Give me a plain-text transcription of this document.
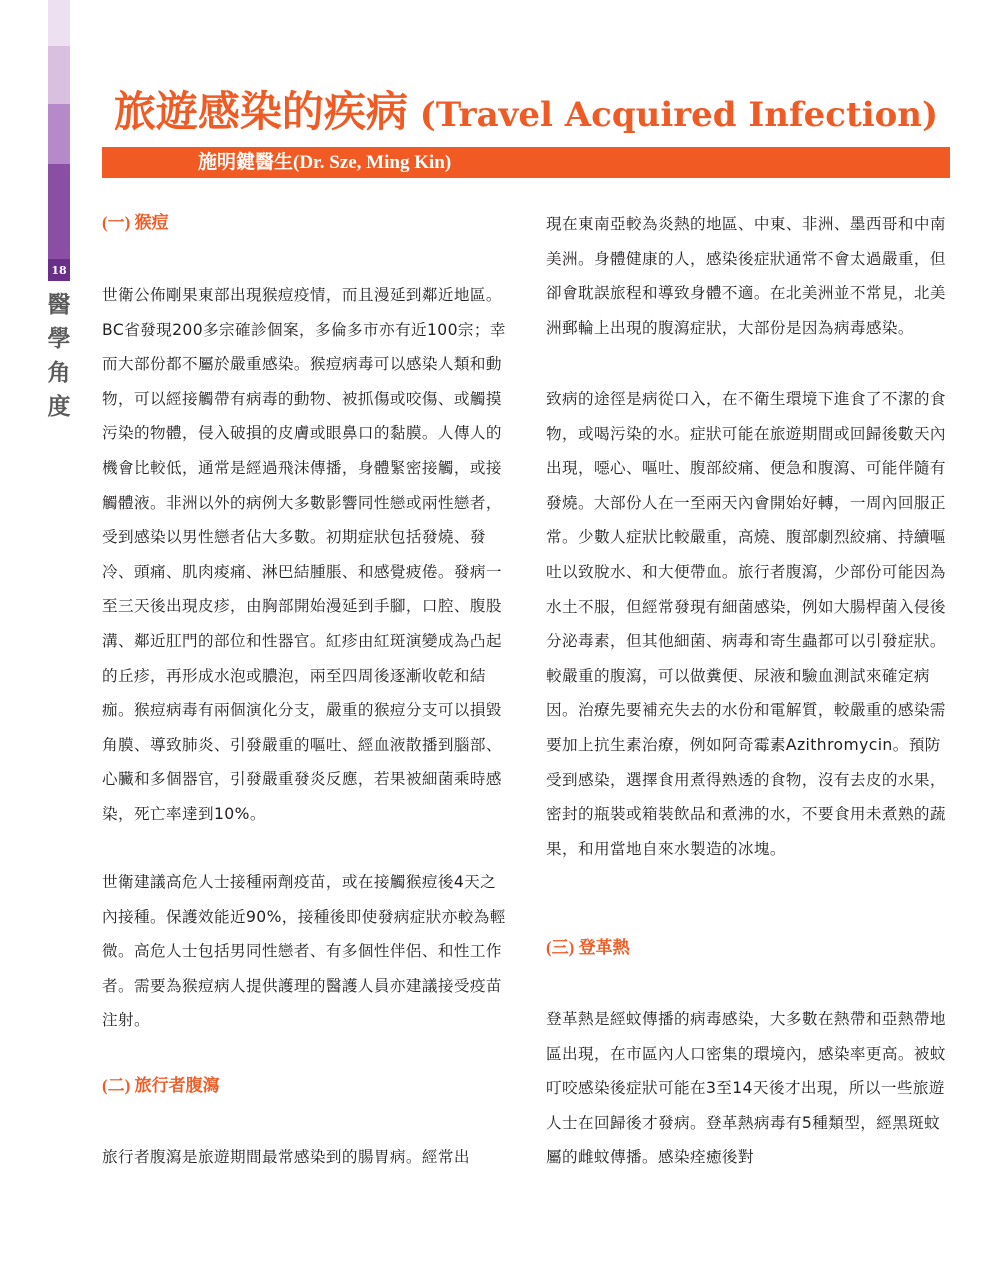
18
醫學角度
旅遊感染的疾病 (Travel Acquired Infection)
施明鍵醫生(Dr. Sze, Ming Kin)
(一) 猴痘

世衛公佈剛果東部出現猴痘疫情，而且漫延到鄰近地區。BC省發現200多宗確診個案，多倫多市亦有近100宗；幸而大部份都不屬於嚴重感染。猴痘病毒可以感染人類和動物，可以經接觸帶有病毒的動物、被抓傷或咬傷、或觸摸污染的物體，侵入破損的皮膚或眼鼻口的黏膜。人傳人的機會比較低，通常是經過飛沫傳播，身體緊密接觸，或接觸體液。非洲以外的病例大多數影響同性戀或兩性戀者，受到感染以男性戀者佔大多數。初期症狀包括發燒、發冷、頭痛、肌肉痠痛、淋巴結腫脹、和感覺疲倦。發病一至三天後出現皮疹，由胸部開始漫延到手腳，口腔、腹股溝、鄰近肛門的部位和性器官。紅疹由紅斑演變成為凸起的丘疹，再形成水泡或膿泡，兩至四周後逐漸收乾和結痂。猴痘病毒有兩個演化分支，嚴重的猴痘分支可以損毀角膜、導致肺炎、引發嚴重的嘔吐、經血液散播到腦部、心臟和多個器官，引發嚴重發炎反應，若果被細菌乘時感染，死亡率達到10%。

世衛建議高危人士接種兩劑疫苗，或在接觸猴痘後4天之內接種。保護效能近90%，接種後即使發病症狀亦較為輕微。高危人士包括男同性戀者、有多個性伴侶、和性工作者。需要為猴痘病人提供護理的醫護人員亦建議接受疫苗注射。

(二) 旅行者腹瀉

旅行者腹瀉是旅遊期間最常感染到的腸胃病。經常出

現在東南亞較為炎熱的地區、中東、非洲、墨西哥和中南美洲。身體健康的人，感染後症狀通常不會太過嚴重，但卻會耽誤旅程和導致身體不適。在北美洲並不常見，北美洲郵輪上出現的腹瀉症狀，大部份是因為病毒感染。

致病的途徑是病從口入，在不衛生環境下進食了不潔的食物，或喝污染的水。症狀可能在旅遊期間或回歸後數天內出現，噁心、嘔吐、腹部絞痛、便急和腹瀉、可能伴隨有發燒。大部份人在一至兩天內會開始好轉，一周內回服正常。少數人症狀比較嚴重，高燒、腹部劇烈絞痛、持續嘔吐以致脫水、和大便帶血。旅行者腹瀉，少部份可能因為水土不服，但經常發現有細菌感染，例如大腸桿菌入侵後分泌毒素，但其他細菌、病毒和寄生蟲都可以引發症狀。較嚴重的腹瀉，可以做糞便、尿液和驗血測試來確定病因。治療先要補充失去的水份和電解質，較嚴重的感染需要加上抗生素治療，例如阿奇霉素Azithromycin。預防受到感染，選擇食用煮得熟透的食物，沒有去皮的水果，密封的瓶裝或箱裝飲品和煮沸的水，不要食用未煮熟的蔬果，和用當地自來水製造的冰塊。

(三) 登革熱

登革熱是經蚊傳播的病毒感染，大多數在熱帶和亞熱帶地區出現，在市區內人口密集的環境內，感染率更高。被蚊叮咬感染後症狀可能在3至14天後才出現，所以一些旅遊人士在回歸後才發病。登革熱病毒有5種類型，經黑斑蚊屬的雌蚊傳播。感染痊癒後對
